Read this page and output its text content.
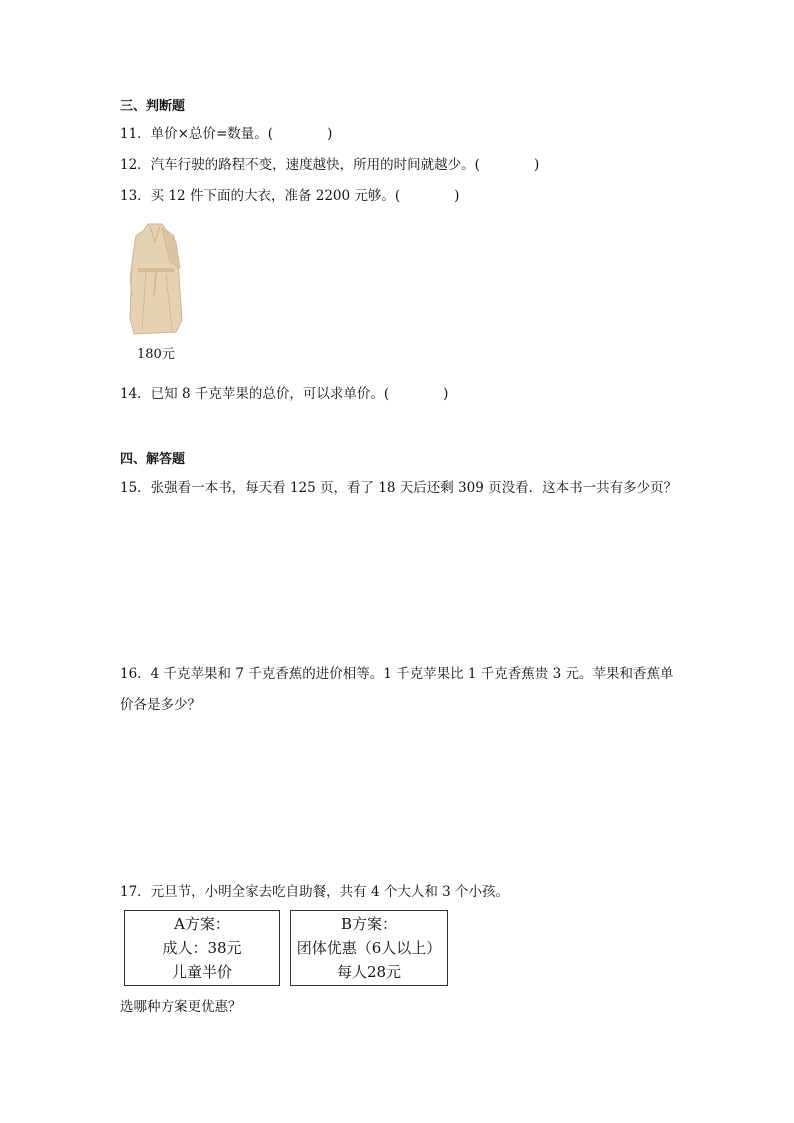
三、判断题
11．单价×总价=数量。(	)
12．汽车行驶的路程不变，速度越快，所用的时间就越少。(	)
13．买 12 件下面的大衣，准备 2200 元够。(	)
180元
14．已知 8 千克苹果的总价，可以求单价。(	)
四、解答题
15．张强看一本书，每天看 125 页，看了 18 天后还剩 309 页没看．这本书一共有多少页？
16．4 千克苹果和 7 千克香蕉的进价相等。1 千克苹果比 1 千克香蕉贵 3 元。苹果和香蕉单
价各是多少？
17．元旦节，小明全家去吃自助餐，共有 4 个大人和 3 个小孩。
A方案：
成人：38元
儿童半价
B方案：
团体优惠（6人以上）
每人28元
选哪种方案更优惠？
